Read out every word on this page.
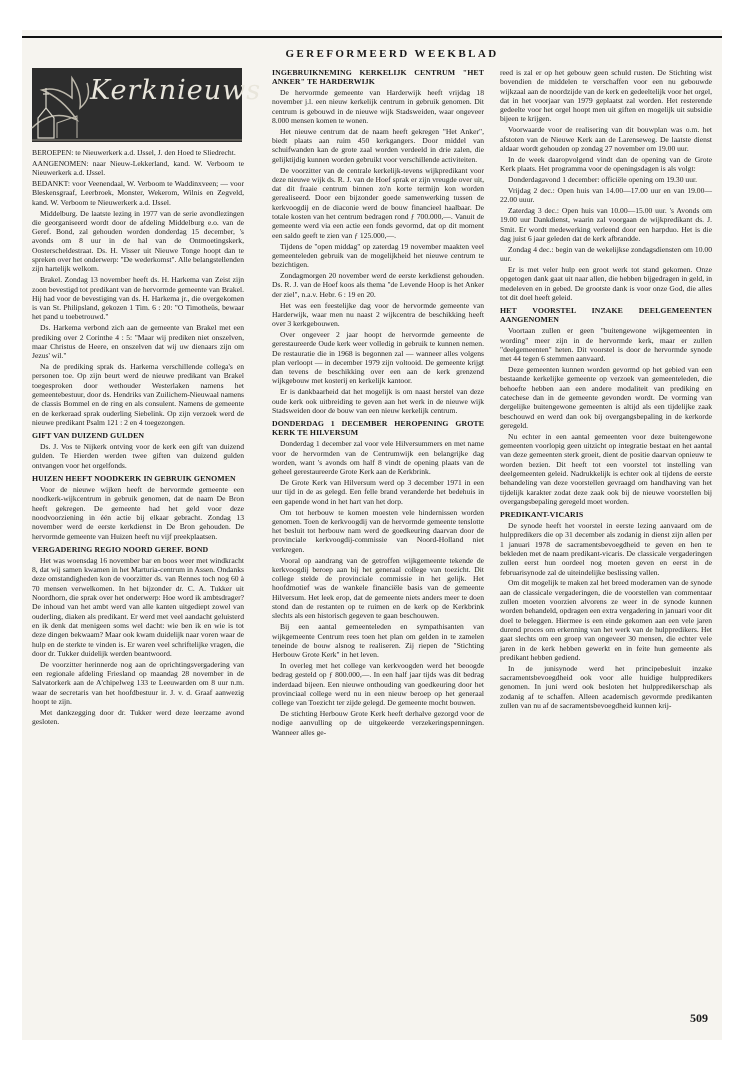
GEREFORMEERD WEEKBLAD
Kerknieuws

BEROEPEN: te Nieuwerkerk a.d. IJssel, J. den Hoed te Sliedrecht.

AANGENOMEN: naar Nieuw-Lekkerland, kand. W. Verboom te Nieuwerkerk a.d. IJssel.

BEDANKT: voor Veenendaal, W. Verboom te Waddinxveen; — voor Bleskensgraaf, Leerbroek, Monster, Wekerom, Wilnis en Zegveld, kand. W. Verboom te Nieuwerkerk a.d. IJssel.

Middelburg. De laatste lezing in 1977 van de serie avondlezingen die georganiseerd wordt door de afdeling Middelburg e.o. van de Geref. Bond, zal gehouden worden donderdag 15 december, 's avonds om 8 uur in de hal van de Ontmoetingskerk, Oosterscheldestraat. Ds. H. Visser uit Nieuwe Tonge hoopt dan te spreken over het onderwerp: "De wederkomst". Alle belangstellenden zijn hartelijk welkom.

Brakel. Zondag 13 november heeft ds. H. Harkema van Zeist zijn zoon bevestigd tot predikant van de hervormde gemeente van Brakel. Hij had voor de bevestiging van ds. H. Harkema jr., die overgekomen is van St. Philipsland, gekozen 1 Tim. 6 : 20: "O Timotheüs, bewaar het pand u toebetrouwd."

Ds. Harkema verbond zich aan de gemeente van Brakel met een prediking over 2 Corinthe 4 : 5: "Maar wij prediken niet onszelven, maar Christus de Heere, en onszelven dat wij uw dienaars zijn om Jezus' wil."

Na de prediking sprak ds. Harkema verschillende collega's en personen toe. Op zijn beurt werd de nieuwe predikant van Brakel toegesproken door wethouder Westerlaken namens het gemeentebestuur, door ds. Hendriks van Zuilichem-Nieuwaal namens de classis Bommel en de ring en als consulent. Namens de gemeente en de kerkeraad sprak ouderling Siebelink. Op zijn verzoek werd de nieuwe predikant Psalm 121 : 2 en 4 toegezongen.

GIFT VAN DUIZEND GULDEN

Ds. J. Vos te Nijkerk ontving voor de kerk een gift van duizend gulden. Te Hierden werden twee giften van duizend gulden ontvangen voor het orgelfonds.

HUIZEN HEEFT NOODKERK IN GEBRUIK GENOMEN

Voor de nieuwe wijken heeft de hervormde gemeente een noodkerk-wijkcentrum in gebruik genomen, dat de naam De Bron heeft gekregen. De gemeente had het geld voor deze noodvoorziening in één actie bij elkaar gebracht. Zondag 13 november werd de eerste kerkdienst in De Bron gehouden. De hervormde gemeente van Huizen heeft nu vijf preekplaatsen.

VERGADERING REGIO NOORD GEREF. BOND

Het was woensdag 16 november bar en boos weer met windkracht 8, dat wij samen kwamen in het Marturia-centrum in Assen. Ondanks deze omstandigheden kon de voorzitter ds. van Rennes toch nog 60 à 70 mensen verwelkomen. In het bijzonder dr. C. A. Tukker uit Noordhorn, die sprak over het onderwerp: Hoe word ik ambtsdrager? De inhoud van het ambt werd van alle kanten uitgediept zowel van ouderling, diaken als predikant. Er werd met veel aandacht geluisterd en ik denk dat menigeen soms wel dacht: wie ben ik en wie is tot deze dingen bekwaam? Maar ook kwam duidelijk naar voren waar de hulp en de sterkte te vinden is. Er waren veel schriftelijke vragen, die door dr. Tukker duidelijk werden beantwoord.

De voorzitter herinnerde nog aan de oprichtingsvergadering van een regionale afdeling Friesland op maandag 28 november in de Salvatorkerk aan de A'chipelweg 133 te Leeuwarden om 8 uur n.m. waar de secretaris van het hoofdbestuur ir. J. v. d. Graaf aanwezig hoopt te zijn.

Met dankzegging door dr. Tukker werd deze leerzame avond gesloten.

INGEBRUIKNEMING KERKELIJK CENTRUM "HET ANKER" TE HARDERWIJK

De hervormde gemeente van Harderwijk heeft vrijdag 18 november j.l. een nieuw kerkelijk centrum in gebruik genomen. Dit centrum is gebouwd in de nieuwe wijk Stadsweiden, waar ongeveer 8.000 mensen komen te wonen.

Het nieuwe centrum dat de naam heeft gekregen "Het Anker", biedt plaats aan ruim 450 kerkgangers. Door middel van schuifwanden kan de grote zaal worden verdeeld in drie zalen, die gelijktijdig kunnen worden gebruikt voor verschillende activiteiten.

De voorzitter van de centrale kerkelijk-tevens wijkpredikant voor deze nieuwe wijk ds. R. J. van de Hoef sprak er zijn vreugde over uit, dat dit fraaie centrum binnen zo'n korte termijn kon worden gerealiseerd. Door een bijzonder goede samenwerking tussen de kerkvoogdij en de diaconie werd de bouw financieel haalbaar. De totale kosten van het centrum bedragen rond ƒ 700.000,—. Vanuit de gemeente werd via een actie een fonds gevormd, dat op dit moment een saldo geeft te zien van ƒ 125.000,—.

Tijdens de "open middag" op zaterdag 19 november maakten veel gemeenteleden gebruik van de mogelijkheid het nieuwe centrum te bezichtigen.

Zondagmorgen 20 november werd de eerste kerkdienst gehouden. Ds. R. J. van de Hoef koos als thema "de Levende Hoop is het Anker der ziel", n.a.v. Hebr. 6 : 19 en 20.

Het was een feestelijke dag voor de hervormde gemeente van Harderwijk, waar men nu naast 2 wijkcentra de beschikking heeft over 3 kerkgebouwen.

Over ongeveer 2 jaar hoopt de hervormde gemeente de gerestaureerde Oude kerk weer volledig in gebruik te kunnen nemen. De restauratie die in 1968 is begonnen zal — wanneer alles volgens plan verloopt — in december 1979 zijn voltooid. De gemeente krijgt dan tevens de beschikking over een aan de kerk grenzend wijkgebouw met kosterij en kerkelijk kantoor.

Er is dankbaarheid dat het mogelijk is om naast herstel van deze oude kerk ook uitbreiding te geven aan het werk in de nieuwe wijk Stadsweiden door de bouw van een nieuw kerkelijk centrum.

DONDERDAG 1 DECEMBER HEROPENING GROTE KERK TE HILVERSUM

Donderdag 1 december zal voor vele Hilversummers en met name voor de hervormden van de Centrumwijk een belangrijke dag worden, want 's avonds om half 8 vindt de opening plaats van de geheel gerestaureerde Grote Kerk aan de Kerkbrink.

De Grote Kerk van Hilversum werd op 3 december 1971 in een uur tijd in de as gelegd. Een felle brand veranderde het bedehuis in een gapende wond in het hart van het dorp.

Om tot herbouw te komen moesten vele hindernissen worden genomen. Toen de kerkvoogdij van de hervormde gemeente tenslotte het besluit tot herbouw nam werd de goedkeuring daarvan door de provinciale kerkvoogdij-commissie van Noord-Holland niet verkregen.

Vooral op aandrang van de getroffen wijkgemeente tekende de kerkvoogdij beroep aan bij het generaal college van toezicht. Dit college stelde de provinciale commissie in het gelijk. Het hoofdmotief was de wankele financiële basis van de gemeente Hilversum. Het leek erop, dat de gemeente niets anders meer te doen stond dan de restanten op te ruimen en de kerk op de Kerkbrink slechts als een historisch gegeven te gaan beschouwen.

Bij een aantal gemeenteleden en sympathisanten van wijkgemeente Centrum rees toen het plan om gelden in te zamelen teneinde de bouw alsnog te realiseren. Zij riepen de "Stichting Herbouw Grote Kerk" in het leven.

In overleg met het college van kerkvoogden werd het beoogde bedrag gesteld op ƒ 800.000,—. In een half jaar tijds was dit bedrag inderdaad bijeen. Een nieuwe onthouding van goedkeuring door het provinciaal college werd nu in een nieuw beroep op het generaal college van Toezicht ter zijde gelegd. De gemeente mocht bouwen.

De stichting Herbouw Grote Kerk heeft derhalve gezorgd voor de nodige aanvulling op de uitgekeerde verzekeringspenningen. Wanneer alles ge-

reed is zal er op het gebouw geen schuld rusten. De Stichting wist bovendien de middelen te verschaffen voor een nu gebouwde wijkzaal aan de noordzijde van de kerk en gedeeltelijk voor het orgel, dat in het voorjaar van 1979 geplaatst zal worden. Het resterende gedeelte voor het orgel hoopt men uit giften en mogelijk uit subsidie bijeen te krijgen.

Voorwaarde voor de realisering van dit bouwplan was o.m. het afstoten van de Nieuwe Kerk aan de Larenseweg. De laatste dienst aldaar wordt gehouden op zondag 27 november om 19.00 uur.

In de week daaropvolgend vindt dan de opening van de Grote Kerk plaats. Het programma voor de openingsdagen is als volgt:

Donderdagavond 1 december: officiële opening om 19.30 uur.

Vrijdag 2 dec.: Open huis van 14.00—17.00 uur en van 19.00—22.00 uuur.

Zaterdag 3 dec.: Open huis van 10.00—15.00 uur. 's Avonds om 19.00 uur Dankdienst, waarin zal voorgaan de wijkpredikant ds. J. Smit. Er wordt medewerking verleend door een harpduo. Het is die dag juist 6 jaar geleden dat de kerk afbrandde.

Zondag 4 dec.: begin van de wekelijkse zondagsdiensten om 10.00 uur.

Er is met veler hulp een groot werk tot stand gekomen. Onze opgetogen dank gaat uit naar allen, die hebben bijgedragen in geld, in medeleven en in gebed. De grootste dank is voor onze God, die alles tot dit doel heeft geleid.

HET VOORSTEL INZAKE DEELGEMEENTEN AANGENOMEN

Voortaan zullen er geen "buitengewone wijkgemeenten in wording" meer zijn in de hervormde kerk, maar er zullen "deelgemeenten" heten. Dit voorstel is door de hervormde synode met 44 tegen 6 stemmen aanvaard.

Deze gemeenten kunnen worden gevormd op het gebied van een bestaande kerkelijke gemeente op verzoek van gemeenteleden, die behoefte hebben aan een andere modaliteit van prediking en catechese dan in de gemeente gevonden wordt. De vorming van dergelijke buitengewone gemeenten is altijd als een tijdelijke zaak beschouwd en werd dan ook bij overgangsbepaling in de kerkorde geregeld.

Nu echter in een aantal gemeenten voor deze buitengewone gemeenten voorlopig geen uitzicht op integratie bestaat en het aantal van deze gemeenten sterk groeit, dient de positie daarvan opnieuw te worden bezien. Dit heeft tot een voorstel tot instelling van deelgemeenten geleid. Nadrukkelijk is echter ook al tijdens de eerste behandeling van deze voorstellen gevraagd om handhaving van het tijdelijk karakter zodat deze zaak ook bij de nieuwe voorstellen bij overgangsbepaling geregeld moet worden.

PREDIKANT-VICARIS

De synode heeft het voorstel in eerste lezing aanvaard om de hulppredikers die op 31 december als zodanig in dienst zijn allen per 1 januari 1978 de sacramentsbevoegdheid te geven en hen te bekleden met de naam predikant-vicaris. De classicale vergaderingen zullen eerst hun oordeel nog moeten geven en eerst in de februarisynode zal de uiteindelijke beslissing vallen.

Om dit mogelijk te maken zal het breed moderamen van de synode aan de classicale vergaderingen, die de voorstellen van commentaar zullen moeten voorzien alvorens ze weer in de synode kunnen worden behandeld, opdragen een extra vergadering in januari voor dit doel te beleggen. Hiermee is een einde gekomen aan een vele jaren durend proces om erkenning van het werk van de hulppredikers. Het gaat slechts om een groep van ongeveer 30 mensen, die echter vele jaren in de kerk hebben gewerkt en in feite hun gemeente als predikant hebben gediend.

In de junisynode werd het principebesluit inzake sacramentsbevoegdheid ook voor alle huidige hulppredikers genomen. In juni werd ook besloten het hulppredikerschap als zodanig af te schaffen. Alleen academisch gevormde predikanten zullen van nu af de sacramentsbevoegdheid kunnen krij-

509
